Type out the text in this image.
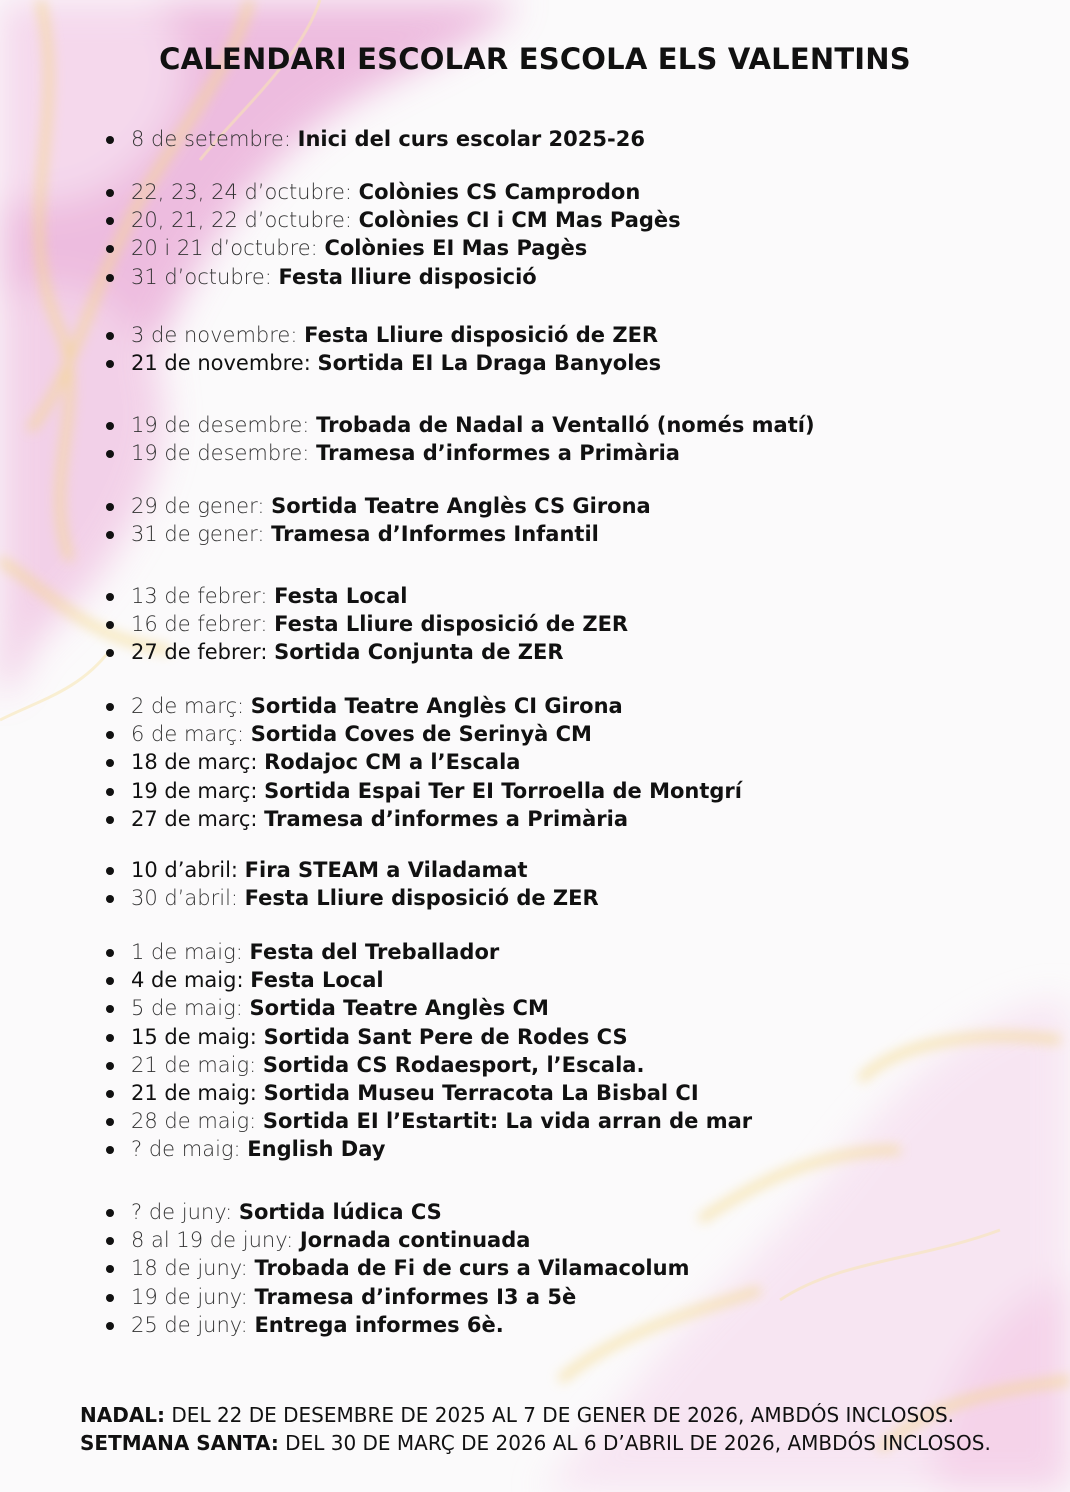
CALENDARI ESCOLAR ESCOLA ELS VALENTINS
8 de setembre: Inici del curs escolar 2025-26
22, 23, 24 d’octubre: Colònies CS Camprodon
20, 21, 22 d’octubre: Colònies CI i CM Mas Pagès
20 i 21 d’octubre: Colònies EI Mas Pagès
31 d’octubre: Festa lliure disposició
3 de novembre: Festa Lliure disposició de ZER
21 de novembre: Sortida EI La Draga Banyoles
19 de desembre: Trobada de Nadal a Ventalló (només matí)
19 de desembre: Tramesa d’informes a Primària
29 de gener: Sortida Teatre Anglès CS Girona
31 de gener: Tramesa d’Informes Infantil
13 de febrer: Festa Local
16 de febrer: Festa Lliure disposició de ZER
27 de febrer: Sortida Conjunta de ZER
2 de març: Sortida Teatre Anglès CI Girona
6 de març: Sortida Coves de Serinyà CM
18 de març: Rodajoc CM a l’Escala
19 de març: Sortida Espai Ter EI Torroella de Montgrí
27 de març: Tramesa d’informes a Primària
10 d’abril: Fira STEAM a Viladamat
30 d’abril: Festa Lliure disposició de ZER
1 de maig: Festa del Treballador
4 de maig: Festa Local
5 de maig: Sortida Teatre Anglès CM
15 de maig: Sortida Sant Pere de Rodes CS
21 de maig: Sortida CS Rodaesport, l’Escala.
21 de maig: Sortida Museu Terracota La Bisbal CI
28 de maig: Sortida EI l’Estartit: La vida arran de mar
? de maig: English Day
? de juny: Sortida lúdica CS
8 al 19 de juny: Jornada continuada
18 de juny: Trobada de Fi de curs a Vilamacolum
19 de juny: Tramesa d’informes I3 a 5è
25 de juny: Entrega informes 6è.
NADAL: DEL 22 DE DESEMBRE DE 2025 AL 7 DE GENER DE 2026, AMBDÓS INCLOSOS.
SETMANA SANTA: DEL 30 DE MARÇ DE 2026 AL 6 D’ABRIL DE 2026, AMBDÓS INCLOSOS.
